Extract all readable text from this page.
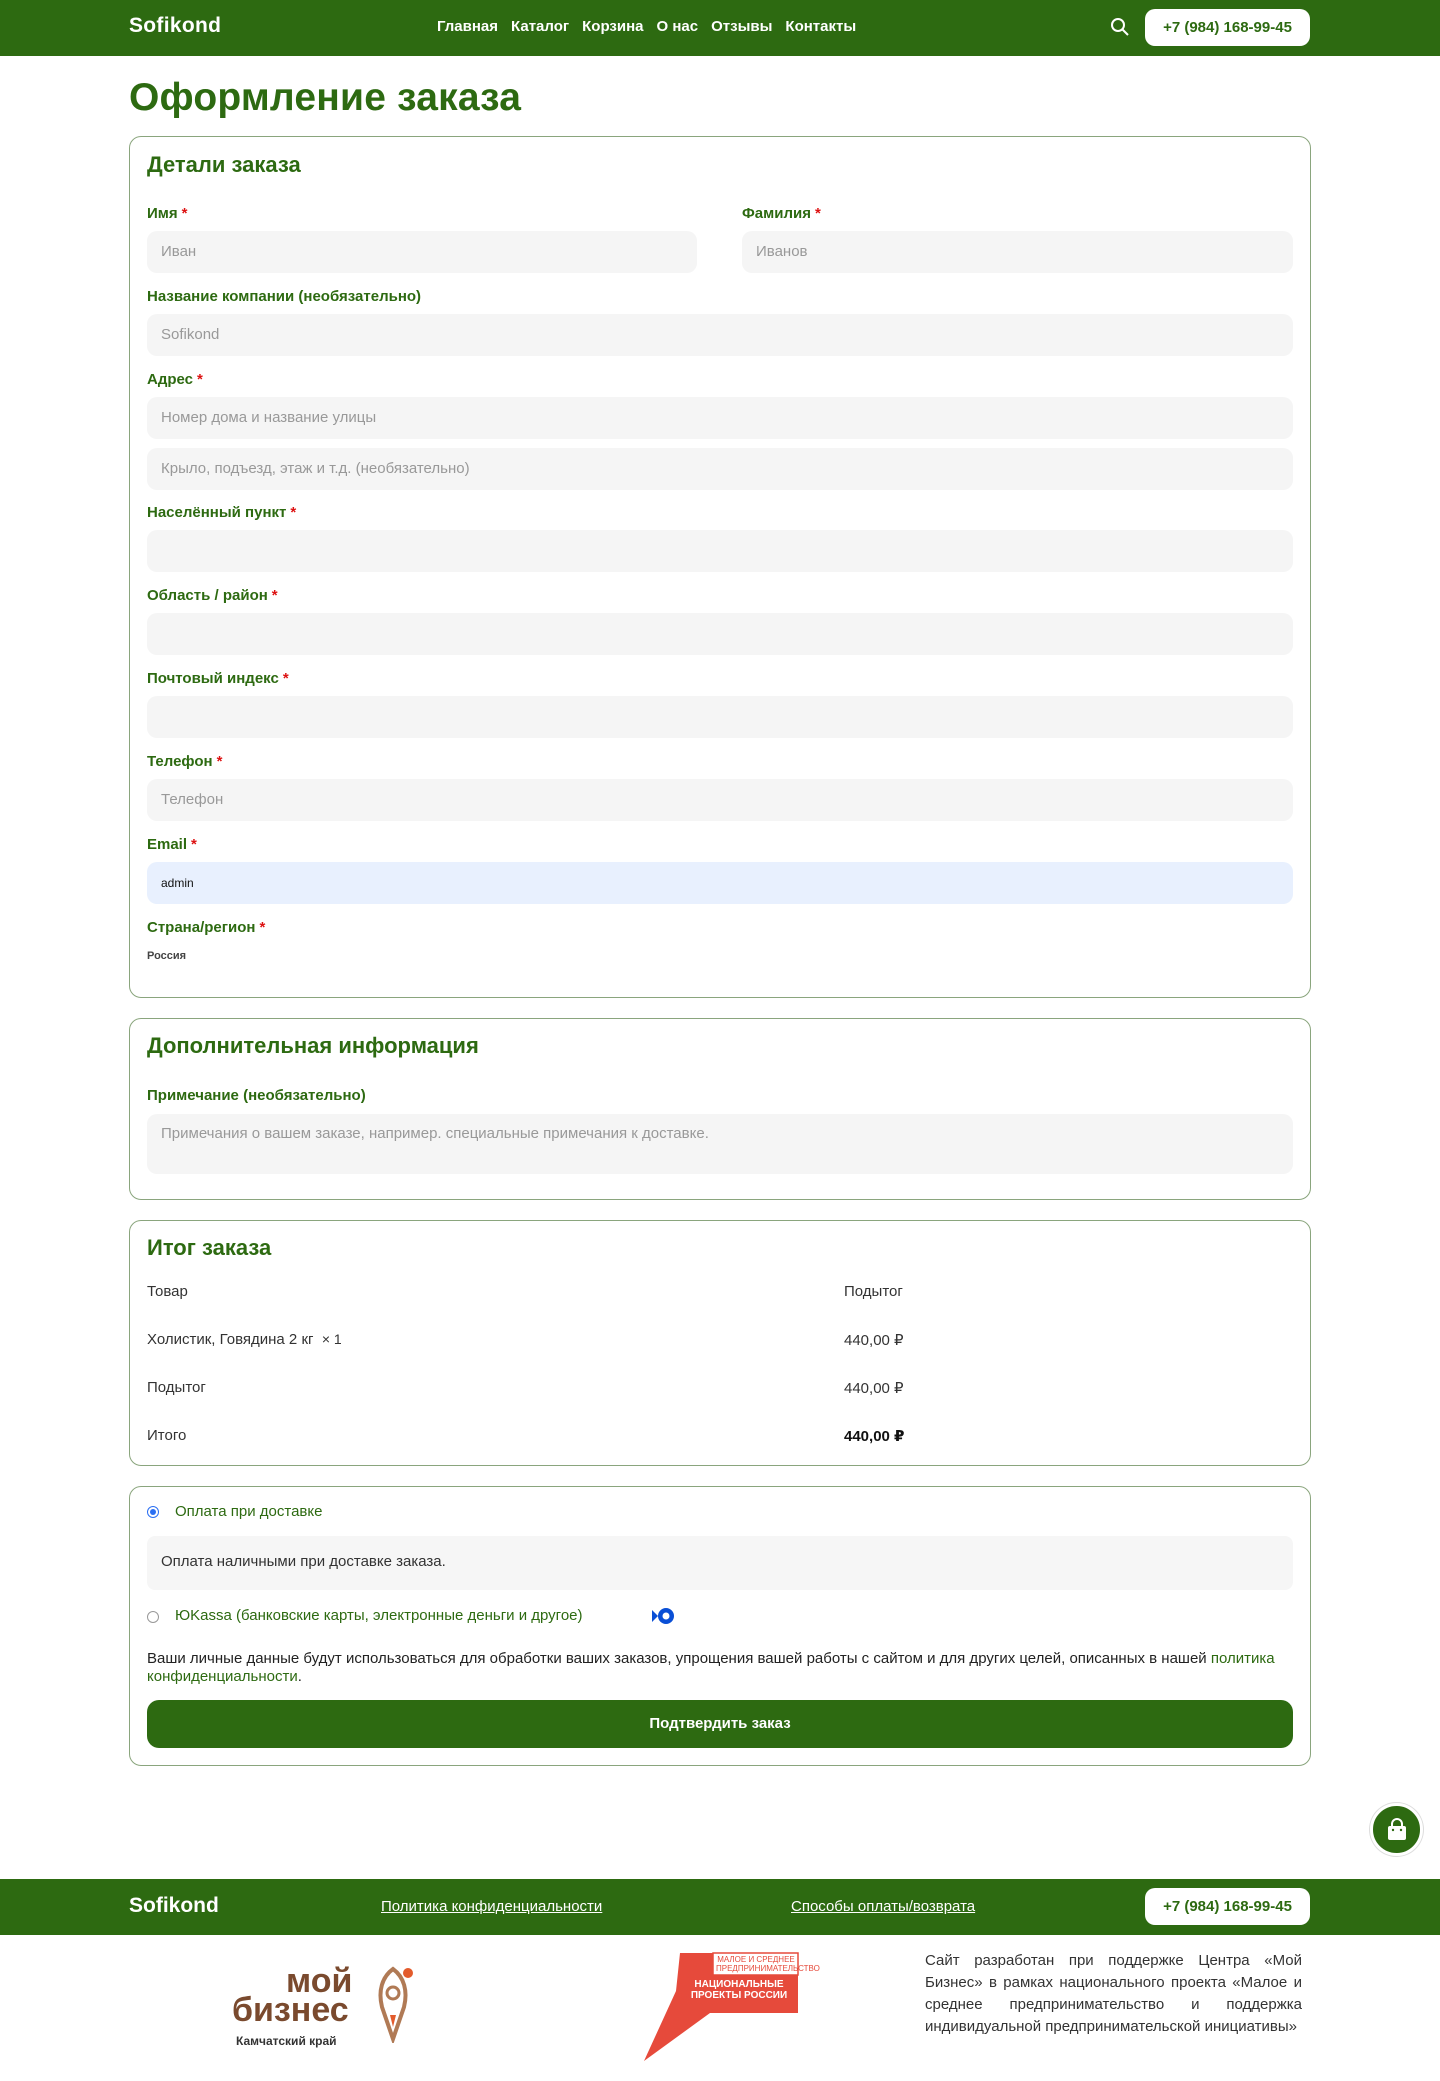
Sofikond	Главная Каталог Корзина О нас Отзывы Контакты	+7 (984) 168-99-45
Оформление заказа
Детали заказа
Имя *
Иван
Фамилия *
Иванов
Название компании (необязательно)
Sofikond
Адрес *
Номер дома и название улицы
Крыло, подъезд, этаж и т.д. (необязательно)
Населённый пункт *
Область / район *
Почтовый индекс *
Телефон *
Телефон
Email *
admin
Страна/регион *
Россия
Дополнительная информация
Примечание (необязательно)
Примечания о вашем заказе, например. специальные примечания к доставке.
Итог заказа
Товар	Подытог
Холистик, Говядина 2 кг × 1	440,00 ₽
Подытог	440,00 ₽
Итого	440,00 ₽
Оплата при доставке
Оплата наличными при доставке заказа.
ЮKassa (банковские карты, электронные деньги и другое)
Ваши личные данные будут использоваться для обработки ваших заказов, упрощения вашей работы с сайтом и для других целей, описанных в нашей политика конфиденциальности.
Подтвердить заказ
Sofikond	Политика конфиденциальности	Способы оплаты/возврата	+7 (984) 168-99-45
мой
бизнес
Камчатский край
МАЛОЕ И СРЕДНЕЕ ПРЕДПРИНИМАТЕЛЬСТВО
НАЦИОНАЛЬНЫЕ ПРОЕКТЫ РОССИИ
Сайт разработан при поддержке Центра «Мой Бизнес» в рамках национального проекта «Малое и среднее предпринимательство и поддержка индивидуальной предпринимательской инициативы»
